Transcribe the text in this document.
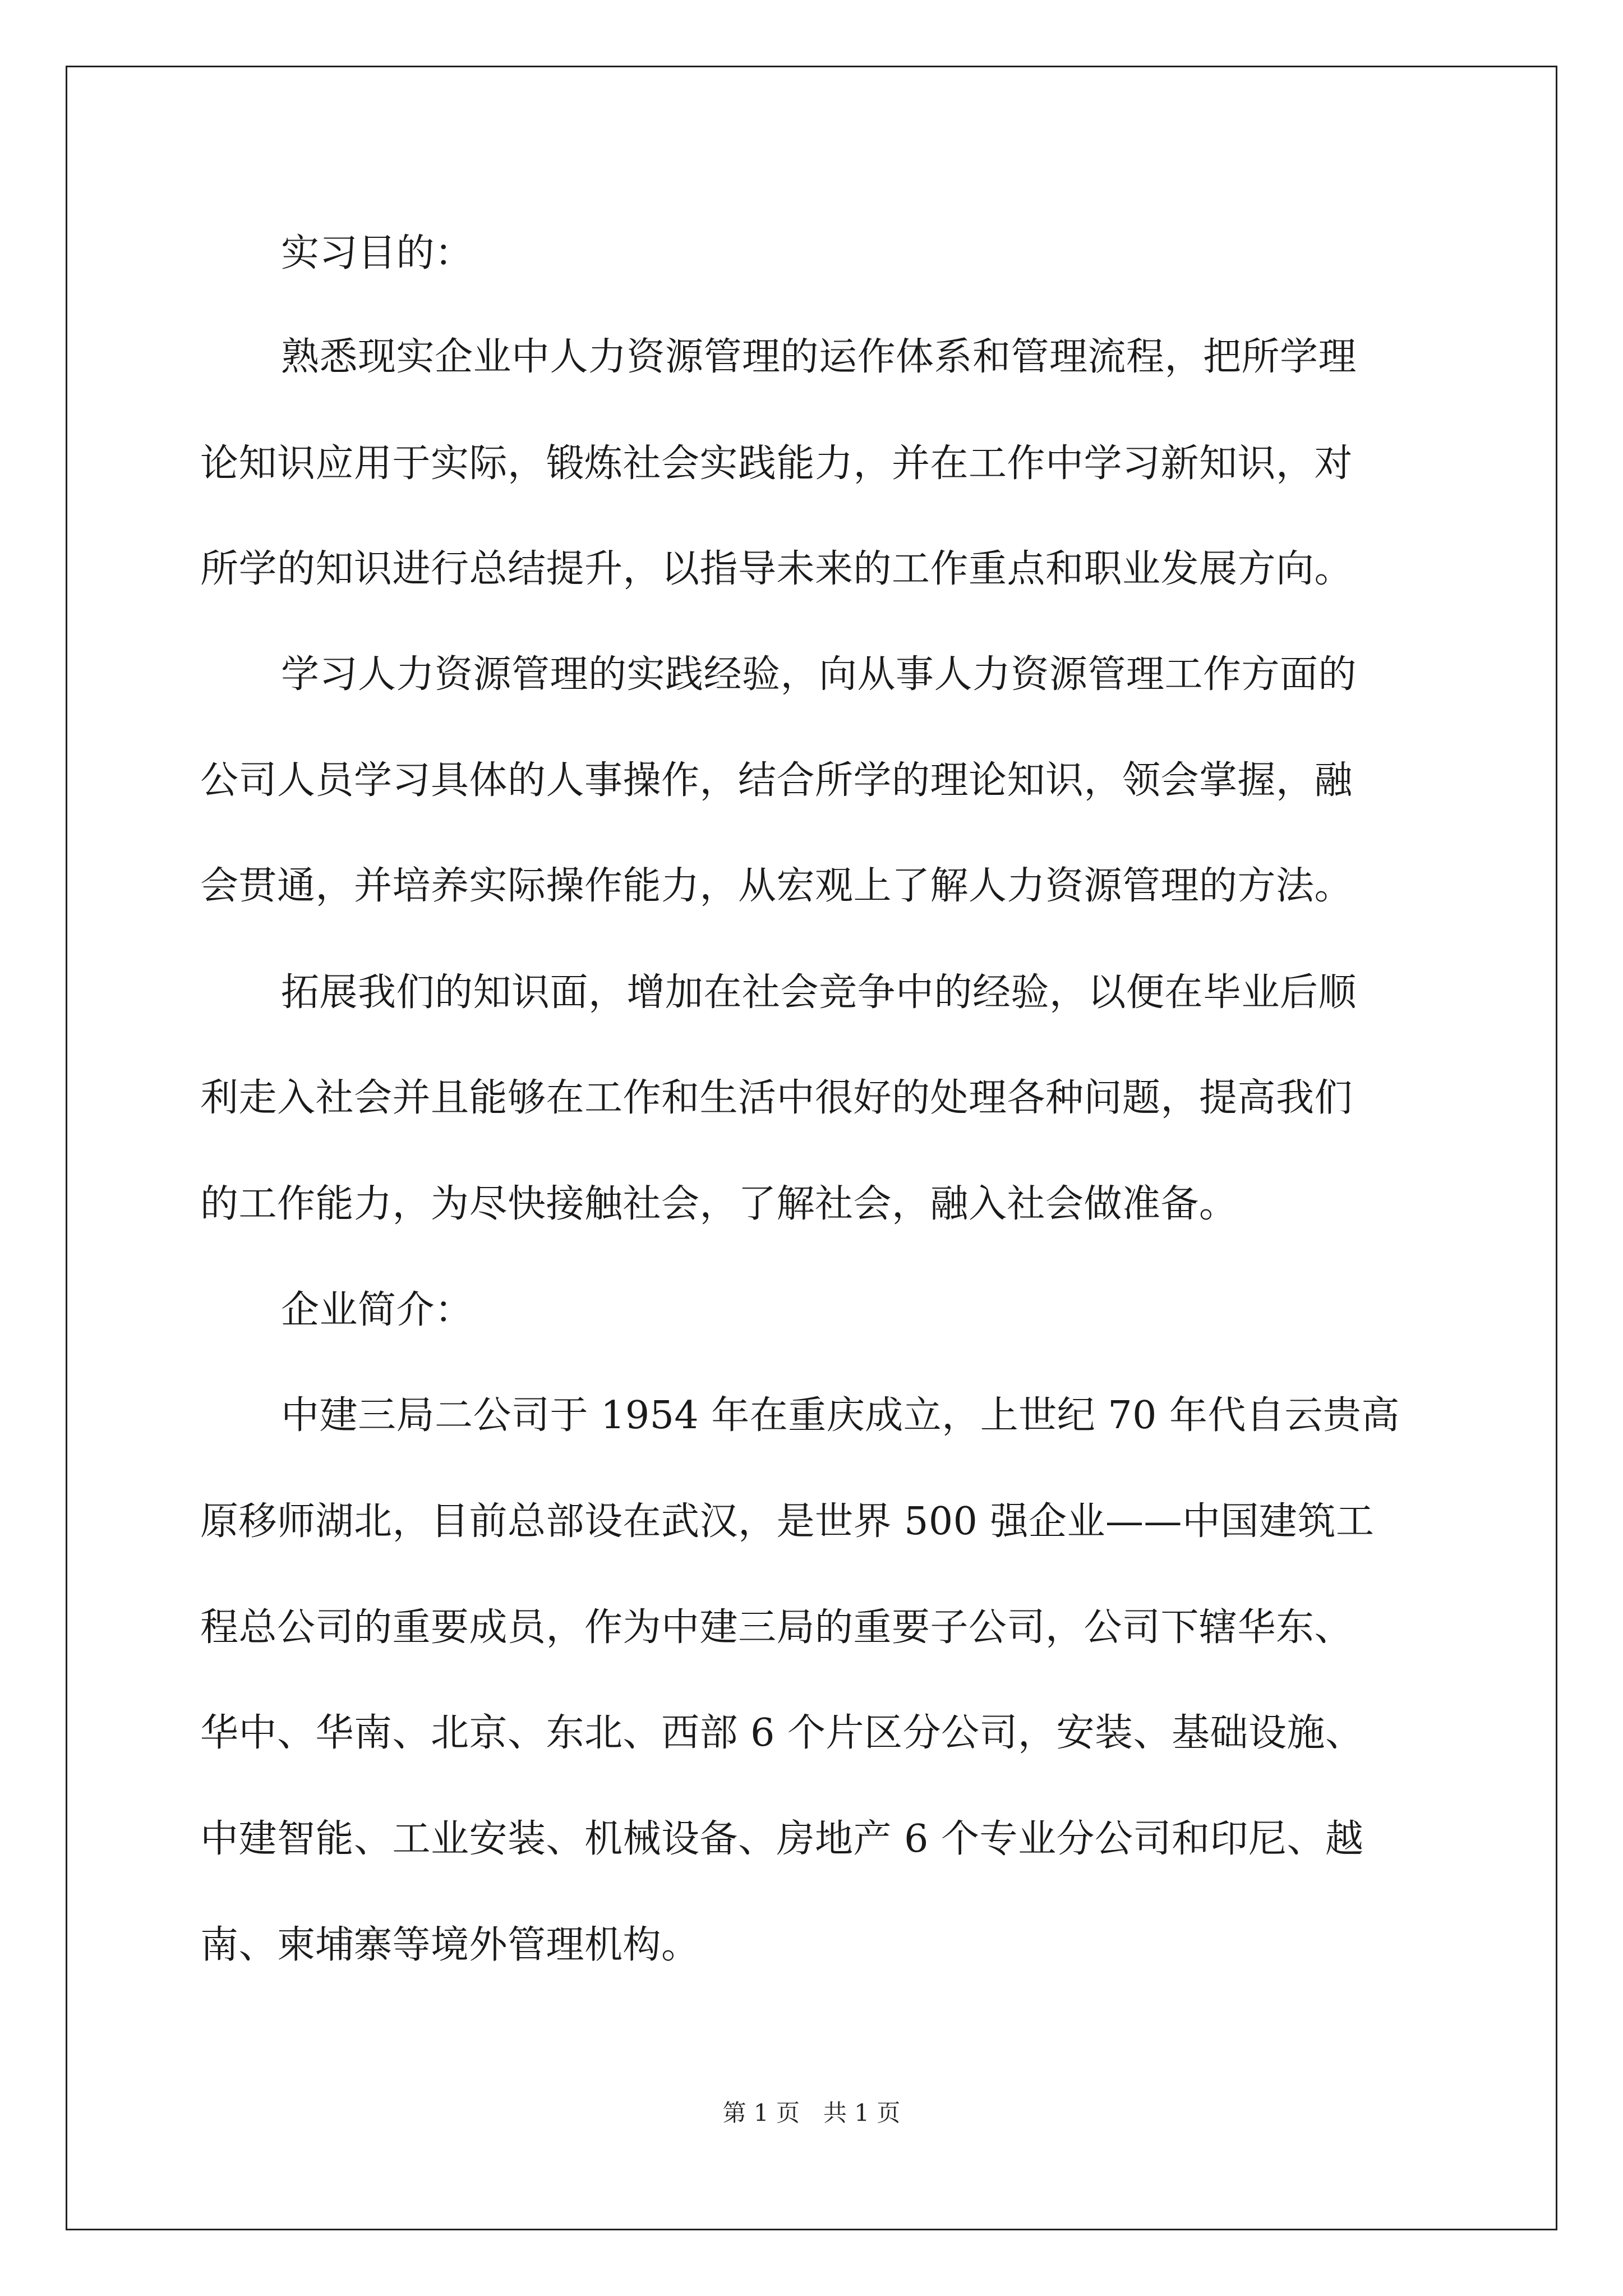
实习目的：
熟悉现实企业中人力资源管理的运作体系和管理流程，把所学理
论知识应用于实际，锻炼社会实践能力，并在工作中学习新知识，对
所学的知识进行总结提升，以指导未来的工作重点和职业发展方向。
学习人力资源管理的实践经验，向从事人力资源管理工作方面的
公司人员学习具体的人事操作，结合所学的理论知识，领会掌握，融
会贯通，并培养实际操作能力，从宏观上了解人力资源管理的方法。
拓展我们的知识面，增加在社会竞争中的经验，以便在毕业后顺
利走入社会并且能够在工作和生活中很好的处理各种问题，提高我们
的工作能力，为尽快接触社会，了解社会，融入社会做准备。
企业简介：
中建三局二公司于 1954 年在重庆成立，上世纪 70 年代自云贵高
原移师湖北，目前总部设在武汉，是世界 500 强企业——中国建筑工
程总公司的重要成员，作为中建三局的重要子公司，公司下辖华东、
华中、华南、北京、东北、西部 6 个片区分公司，安装、基础设施、
中建智能、工业安装、机械设备、房地产 6 个专业分公司和印尼、越
南、柬埔寨等境外管理机构。
第 1 页　共 1 页
